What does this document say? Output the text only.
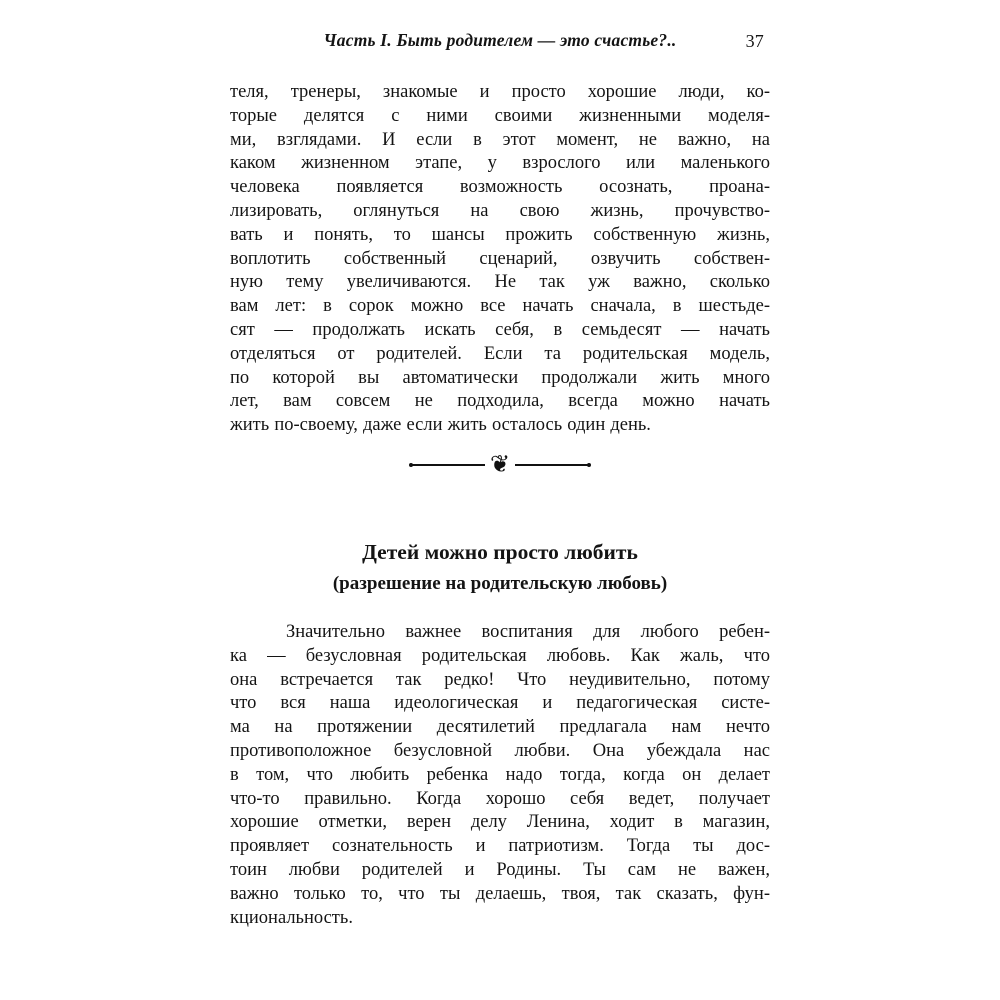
Часть I. Быть родителем — это счастье?..	37
теля, тренеры, знакомые и просто хорошие люди, ко-
торые делятся с ними своими жизненными моделя-
ми, взглядами. И если в этот момент, не важно, на
каком жизненном этапе, у взрослого или маленького
человека появляется возможность осознать, проана-
лизировать, оглянуться на свою жизнь, прочувство-
вать и понять, то шансы прожить собственную жизнь,
воплотить собственный сценарий, озвучить собствен-
ную тему увеличиваются. Не так уж важно, сколько
вам лет: в сорок можно все начать сначала, в шестьде-
сят — продолжать искать себя, в семьдесят — начать
отделяться от родителей. Если та родительская модель,
по которой вы автоматически продолжали жить много
лет, вам совсем не подходила, всегда можно начать
жить по-своему, даже если жить осталось один день.
❦
Детей можно просто любить
(разрешение на родительскую любовь)
Значительно важнее воспитания для любого ребен-
ка — безусловная родительская любовь. Как жаль, что
она встречается так редко! Что неудивительно, потому
что вся наша идеологическая и педагогическая систе-
ма на протяжении десятилетий предлагала нам нечто
противоположное безусловной любви. Она убеждала нас
в том, что любить ребенка надо тогда, когда он делает
что-то правильно. Когда хорошо себя ведет, получает
хорошие отметки, верен делу Ленина, ходит в магазин,
проявляет сознательность и патриотизм. Тогда ты дос-
тоин любви родителей и Родины. Ты сам не важен,
важно только то, что ты делаешь, твоя, так сказать, фун-
кциональность.
